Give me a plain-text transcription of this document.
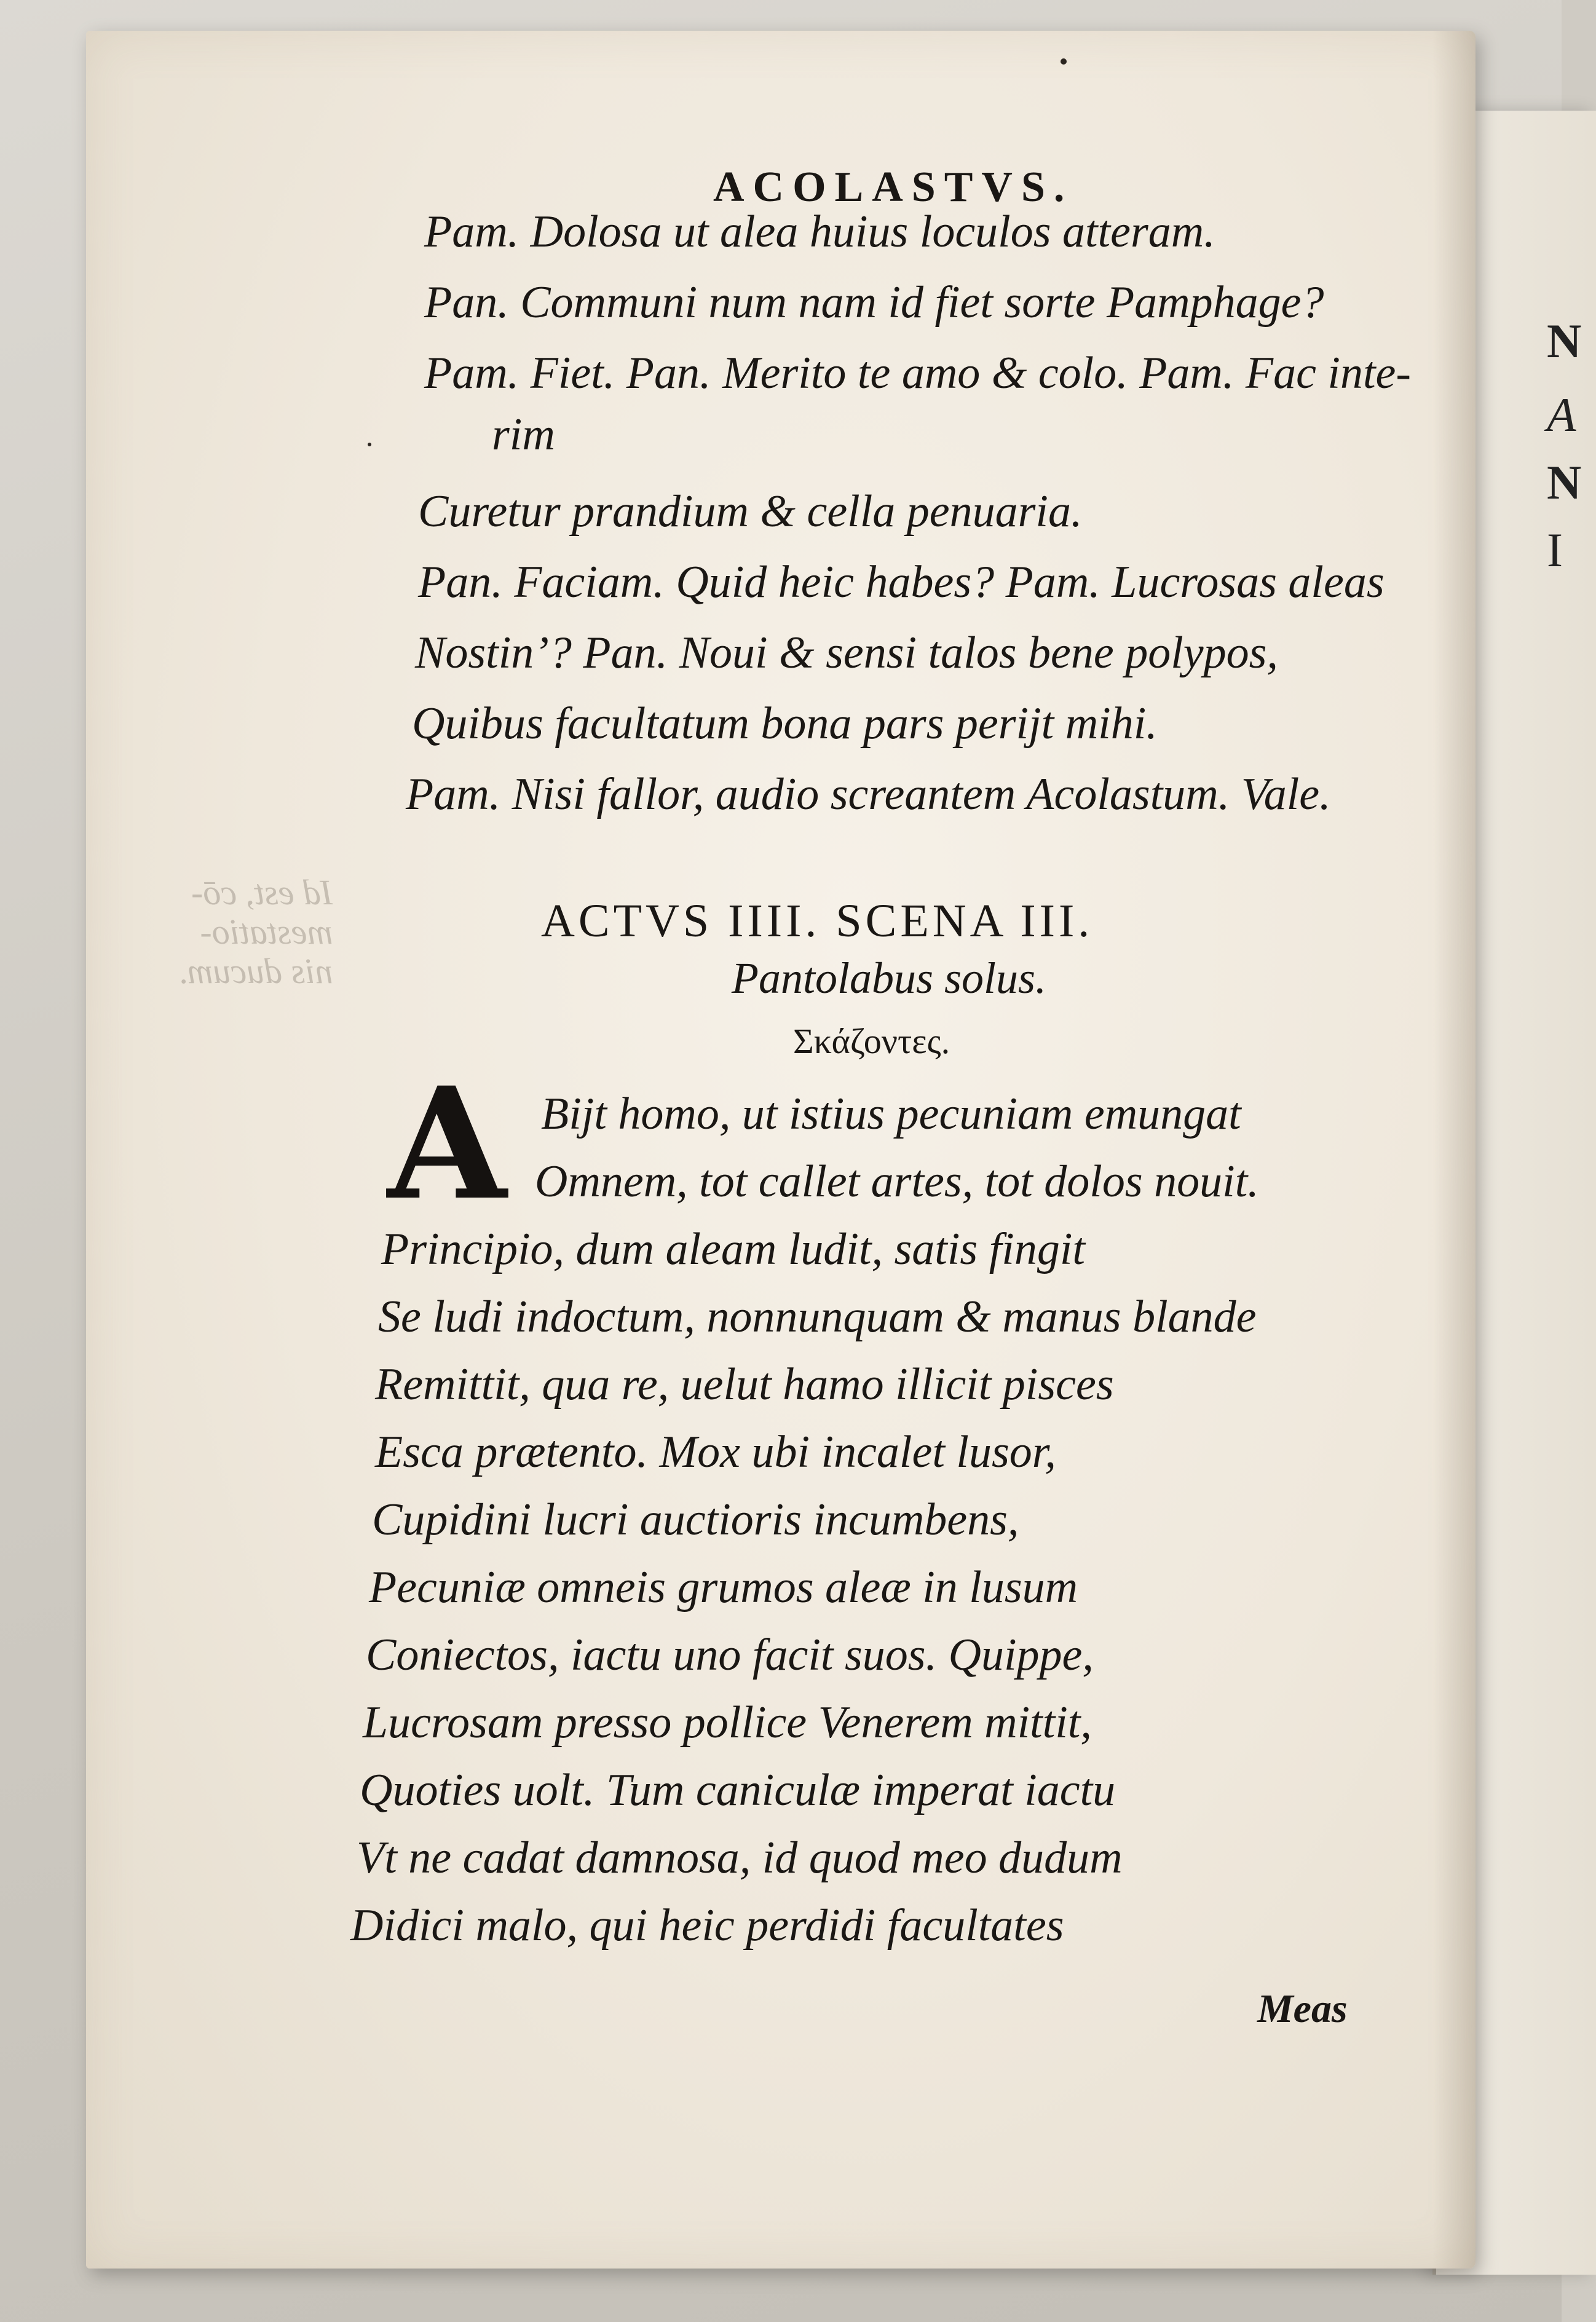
N
A
N
I
Id est, cō-
mestatio-
nis ducum.
ACOLASTVS.
Pam. Dolosa ut alea huius loculos atteram.
Pan. Communi num nam id fiet sorte Pamphage?
Pam. Fiet. Pan. Merito te amo & colo. Pam. Fac inte-
rim
Curetur prandium & cella penuaria.
Pan. Faciam. Quid heic habes? Pam. Lucrosas aleas
Nostin’? Pan. Noui & sensi talos bene polypos,
Quibus facultatum bona pars perijt mihi.
Pam. Nisi fallor, audio screantem Acolastum. Vale.
ACTVS IIII. SCENA III.
Pantolabus solus.
Σκάζοντες.
A Bijt homo, ut istius pecuniam emungat
Omnem, tot callet artes, tot dolos nouit.
Principio, dum aleam ludit, satis fingit
Se ludi indoctum, nonnunquam & manus blande
Remittit, qua re, uelut hamo illicit pisces
Esca prætento. Mox ubi incalet lusor,
Cupidini lucri auctioris incumbens,
Pecuniæ omneis grumos aleæ in lusum
Coniectos, iactu uno facit suos. Quippe,
Lucrosam presso pollice Venerem mittit,
Quoties uolt. Tum caniculæ imperat iactu
Vt ne cadat damnosa, id quod meo dudum
Didici malo, qui heic perdidi facultates
Meas
